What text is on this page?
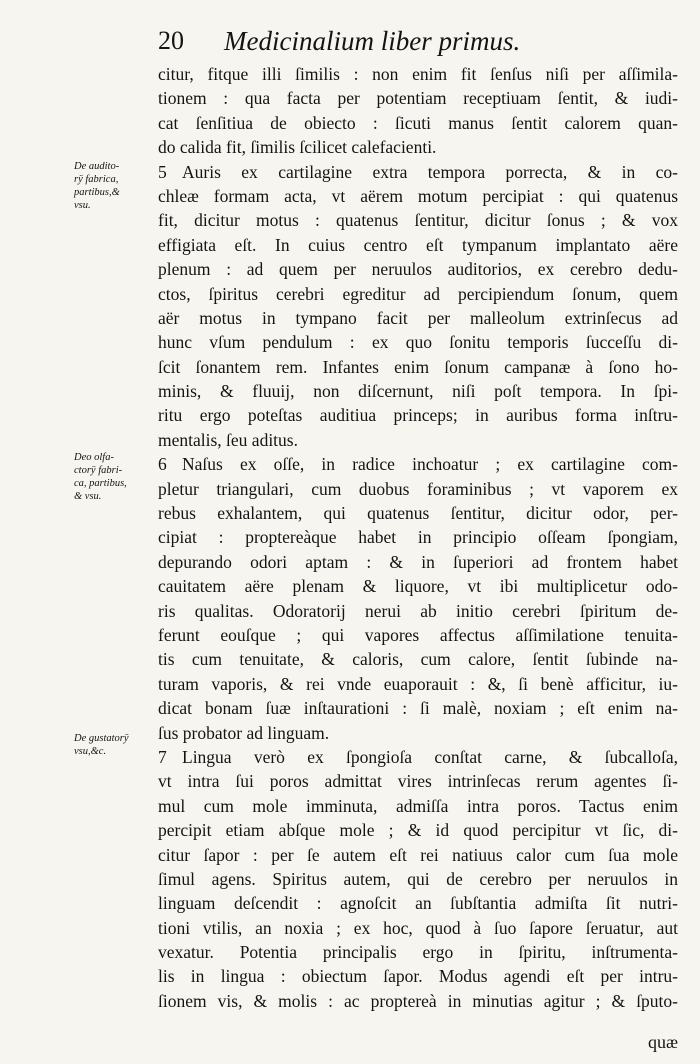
20 Medicinalium liber primus.
De audito-
rÿ fabrica,
partibus,&
vsu.
Deo olfa-
ctorÿ fabri-
ca, partibus,
& vsu.
De gustatorÿ
vsu,&c.
citur, fitque illi ſimilis : non enim fit ſenſus niſi per aſſimila-
tionem : qua facta per potentiam receptiuam ſentit, & iudi-
cat ſenſitiua de obiecto : ſicuti manus ſentit calorem quan-
do calida fit, ſimilis ſcilicet calefacienti.
5 Auris ex cartilagine extra tempora porrecta, & in co-
chleæ formam acta, vt aërem motum percipiat : qui quatenus
fit, dicitur motus : quatenus ſentitur, dicitur ſonus ; & vox
effigiata eſt. In cuius centro eſt tympanum implantato aëre
plenum : ad quem per neruulos auditorios, ex cerebro dedu-
ctos, ſpiritus cerebri egreditur ad percipiendum ſonum, quem
aër motus in tympano facit per malleolum extrinſecus ad
hunc vſum pendulum : ex quo ſonitu temporis ſucceſſu di-
ſcit ſonantem rem. Infantes enim ſonum campanæ à ſono ho-
minis, & fluuij, non diſcernunt, niſi poſt tempora. In ſpi-
ritu ergo poteſtas auditiua princeps; in auribus forma inſtru-
mentalis, ſeu aditus.
6 Naſus ex oſſe, in radice inchoatur ; ex cartilagine com-
pletur triangulari, cum duobus foraminibus ; vt vaporem ex
rebus exhalantem, qui quatenus ſentitur, dicitur odor, per-
cipiat : proptereàque habet in principio oſſeam ſpongiam,
depurando odori aptam : & in ſuperiori ad frontem habet
cauitatem aëre plenam & liquore, vt ibi multiplicetur odo-
ris qualitas. Odoratorij nerui ab initio cerebri ſpiritum de-
ferunt eouſque ; qui vapores affectus aſſimilatione tenuita-
tis cum tenuitate, & caloris, cum calore, ſentit ſubinde na-
turam vaporis, & rei vnde euaporauit : &, ſi benè afficitur, iu-
dicat bonam ſuæ inſtaurationi : ſi malè, noxiam ; eſt enim na-
ſus probator ad linguam.
7 Lingua verò ex ſpongioſa conſtat carne, & ſubcalloſa,
vt intra ſui poros admittat vires intrinſecas rerum agentes ſi-
mul cum mole imminuta, admiſſa intra poros. Tactus enim
percipit etiam abſque mole ; & id quod percipitur vt ſic, di-
citur ſapor : per ſe autem eſt rei natiuus calor cum ſua mole
ſimul agens. Spiritus autem, qui de cerebro per neruulos in
linguam deſcendit : agnoſcit an ſubſtantia admiſta ſit nutri-
tioni vtilis, an noxia ; ex hoc, quod à ſuo ſapore ſeruatur, aut
vexatur. Potentia principalis ergo in ſpiritu, inſtrumenta-
lis in lingua : obiectum ſapor. Modus agendi eſt per intru-
ſionem vis, & molis : ac proptereà in minutias agitur ; & ſputo-
quæ
